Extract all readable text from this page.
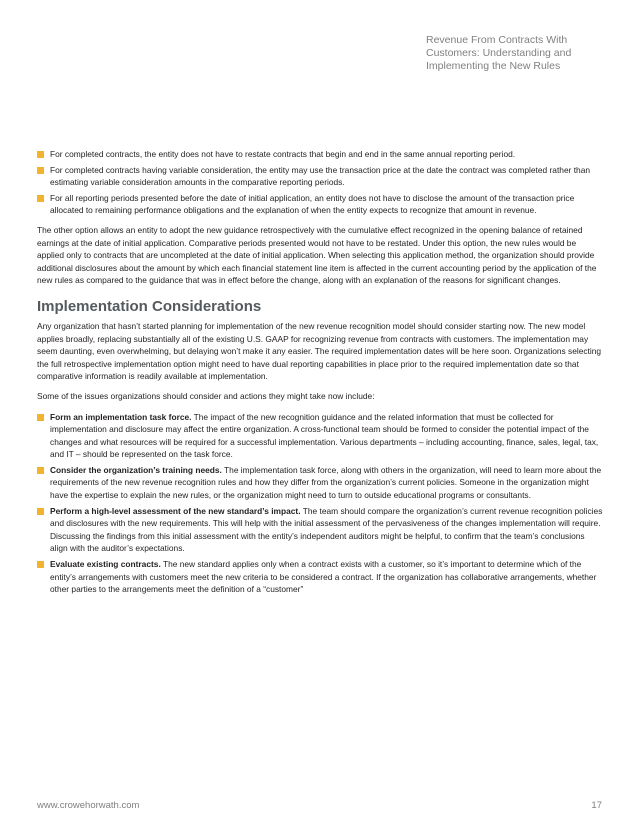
Revenue From Contracts With
Customers: Understanding and
Implementing the New Rules
For completed contracts, the entity does not have to restate contracts that begin and end in the same annual reporting period.
For completed contracts having variable consideration, the entity may use the transaction price at the date the contract was completed rather than estimating variable consideration amounts in the comparative reporting periods.
For all reporting periods presented before the date of initial application, an entity does not have to disclose the amount of the transaction price allocated to remaining performance obligations and the explanation of when the entity expects to recognize that amount in revenue.

The other option allows an entity to adopt the new guidance retrospectively with the cumulative effect recognized in the opening balance of retained earnings at the date of initial application. Comparative periods presented would not have to be restated. Under this option, the new rules would be applied only to contracts that are uncompleted at the date of initial application. When selecting this application method, the organization should provide additional disclosures about the amount by which each financial statement line item is affected in the current accounting period by the application of the new rules as compared to the guidance that was in effect before the change, along with an explanation of the reasons for significant changes.

Implementation Considerations

Any organization that hasn’t started planning for implementation of the new revenue recognition model should consider starting now. The new model applies broadly, replacing substantially all of the existing U.S. GAAP for recognizing revenue from contracts with customers. The implementation may seem daunting, even overwhelming, but delaying won’t make it any easier. The required implementation dates will be here soon. Organizations selecting the full retrospective implementation option might need to have dual reporting capabilities in place prior to the required implementation date so that comparative information is readily available at implementation.

Some of the issues organizations should consider and actions they might take now include:

Form an implementation task force. The impact of the new recognition guidance and the related information that must be collected for implementation and disclosure may affect the entire organization. A cross-functional team should be formed to consider the potential impact of the changes and what resources will be required for a successful implementation. Various departments – including accounting, finance, sales, legal, tax, and IT – should be represented on the task force.
Consider the organization’s training needs. The implementation task force, along with others in the organization, will need to learn more about the requirements of the new revenue recognition rules and how they differ from the organization’s current policies. Someone in the organization might have the expertise to explain the new rules, or the organization might need to turn to outside educational programs or consultants.
Perform a high-level assessment of the new standard’s impact. The team should compare the organization’s current revenue recognition policies and disclosures with the new requirements. This will help with the initial assessment of the pervasiveness of the changes implementation will require. Discussing the findings from this initial assessment with the entity’s independent auditors might be helpful, to confirm that the team’s conclusions align with the auditor’s expectations.
Evaluate existing contracts. The new standard applies only when a contract exists with a customer, so it’s important to determine which of the entity’s arrangements with customers meet the new criteria to be considered a contract. If the organization has collaborative arrangements, whether other parties to the arrangements meet the definition of a “customer”
www.crowehorwath.com	17
